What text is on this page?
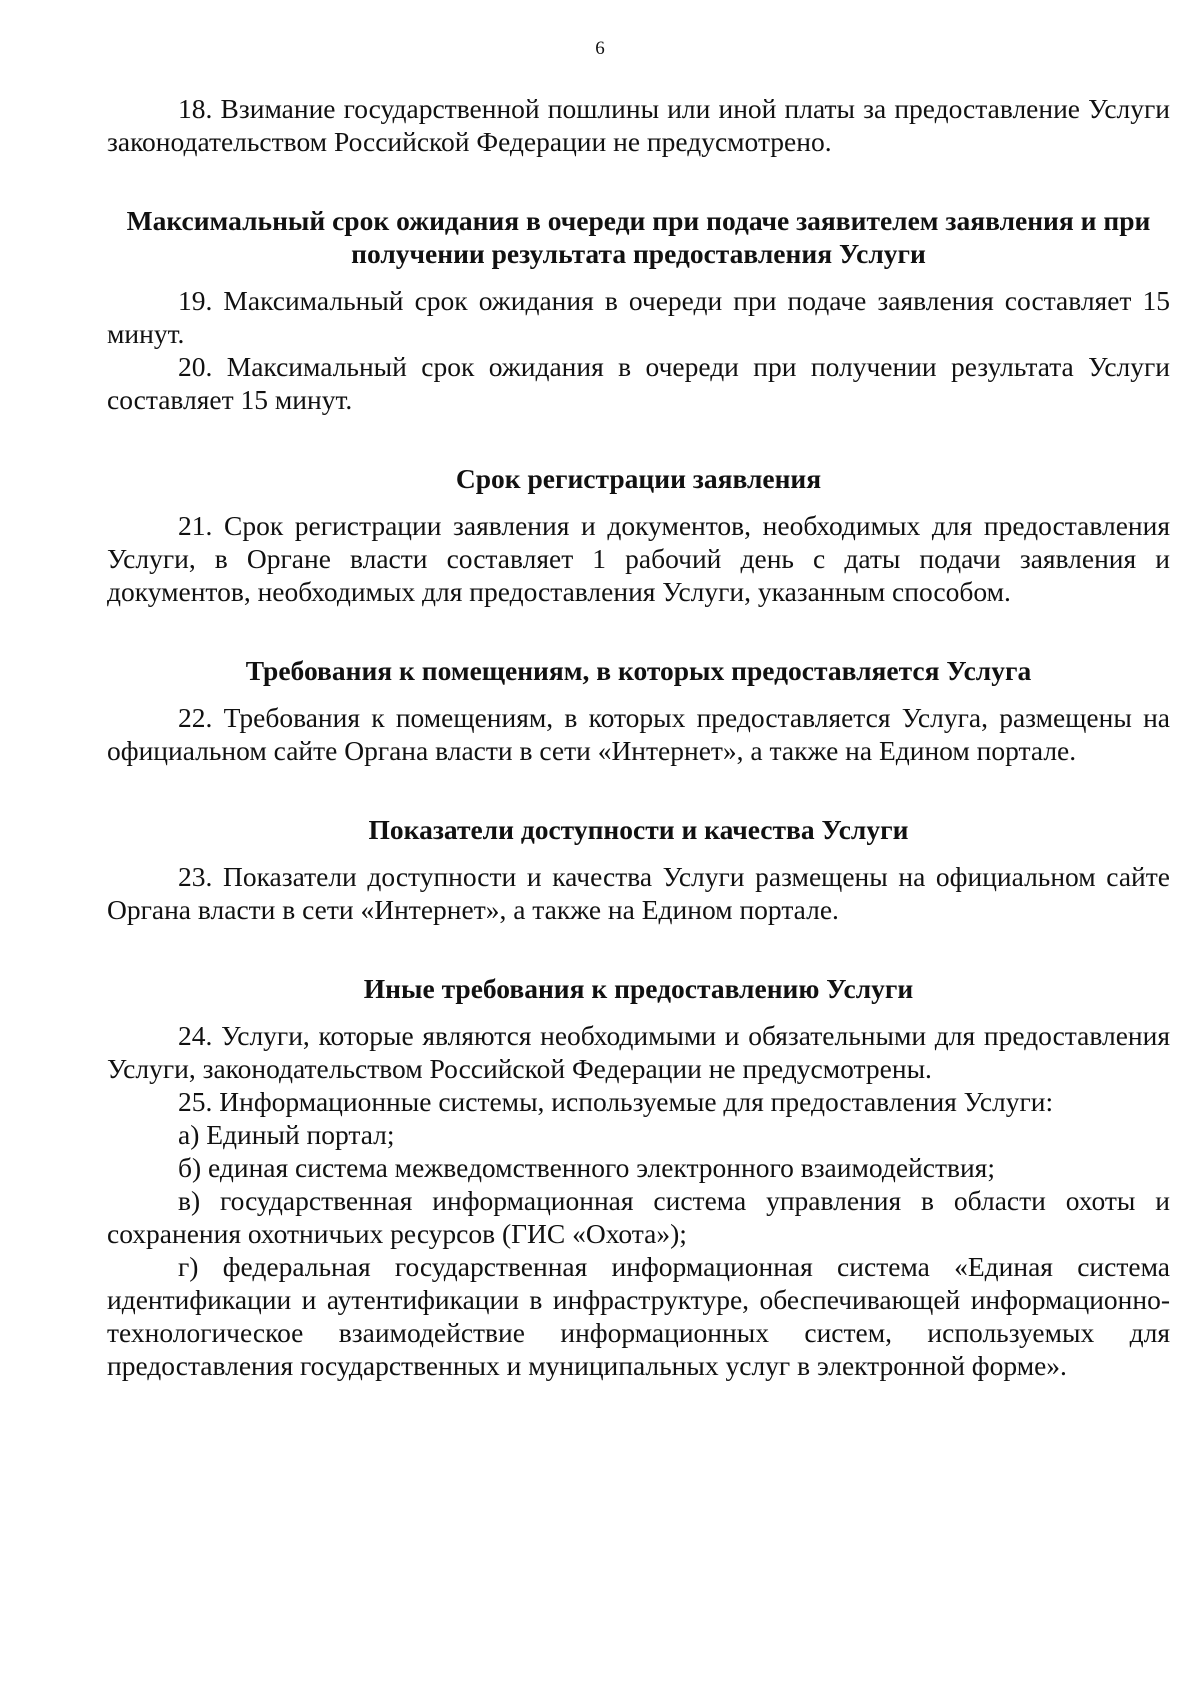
6

18. Взимание государственной пошлины или иной платы за предоставление Услуги законодательством Российской Федерации не предусмотрено.

Максимальный срок ожидания в очереди при подаче заявителем заявления и при получении результата предоставления Услуги

19. Максимальный срок ожидания в очереди при подаче заявления составляет 15 минут.

20. Максимальный срок ожидания в очереди при получении результата Услуги составляет 15 минут.

Срок регистрации заявления

21. Срок регистрации заявления и документов, необходимых для предоставления Услуги, в Органе власти составляет 1 рабочий день с даты подачи заявления и документов, необходимых для предоставления Услуги, указанным способом.

Требования к помещениям, в которых предоставляется Услуга

22. Требования к помещениям, в которых предоставляется Услуга, размещены на официальном сайте Органа власти в сети «Интернет», а также на Едином портале.

Показатели доступности и качества Услуги

23. Показатели доступности и качества Услуги размещены на официальном сайте Органа власти в сети «Интернет», а также на Едином портале.

Иные требования к предоставлению Услуги

24. Услуги, которые являются необходимыми и обязательными для предоставления Услуги, законодательством Российской Федерации не предусмотрены.

25. Информационные системы, используемые для предоставления Услуги:

а) Единый портал;

б) единая система межведомственного электронного взаимодействия;

в) государственная информационная система управления в области охоты и сохранения охотничьих ресурсов (ГИС «Охота»);

г) федеральная государственная информационная система «Единая система идентификации и аутентификации в инфраструктуре, обеспечивающей информационно-технологическое взаимодействие информационных систем, используемых для предоставления государственных и муниципальных услуг в электронной форме».
